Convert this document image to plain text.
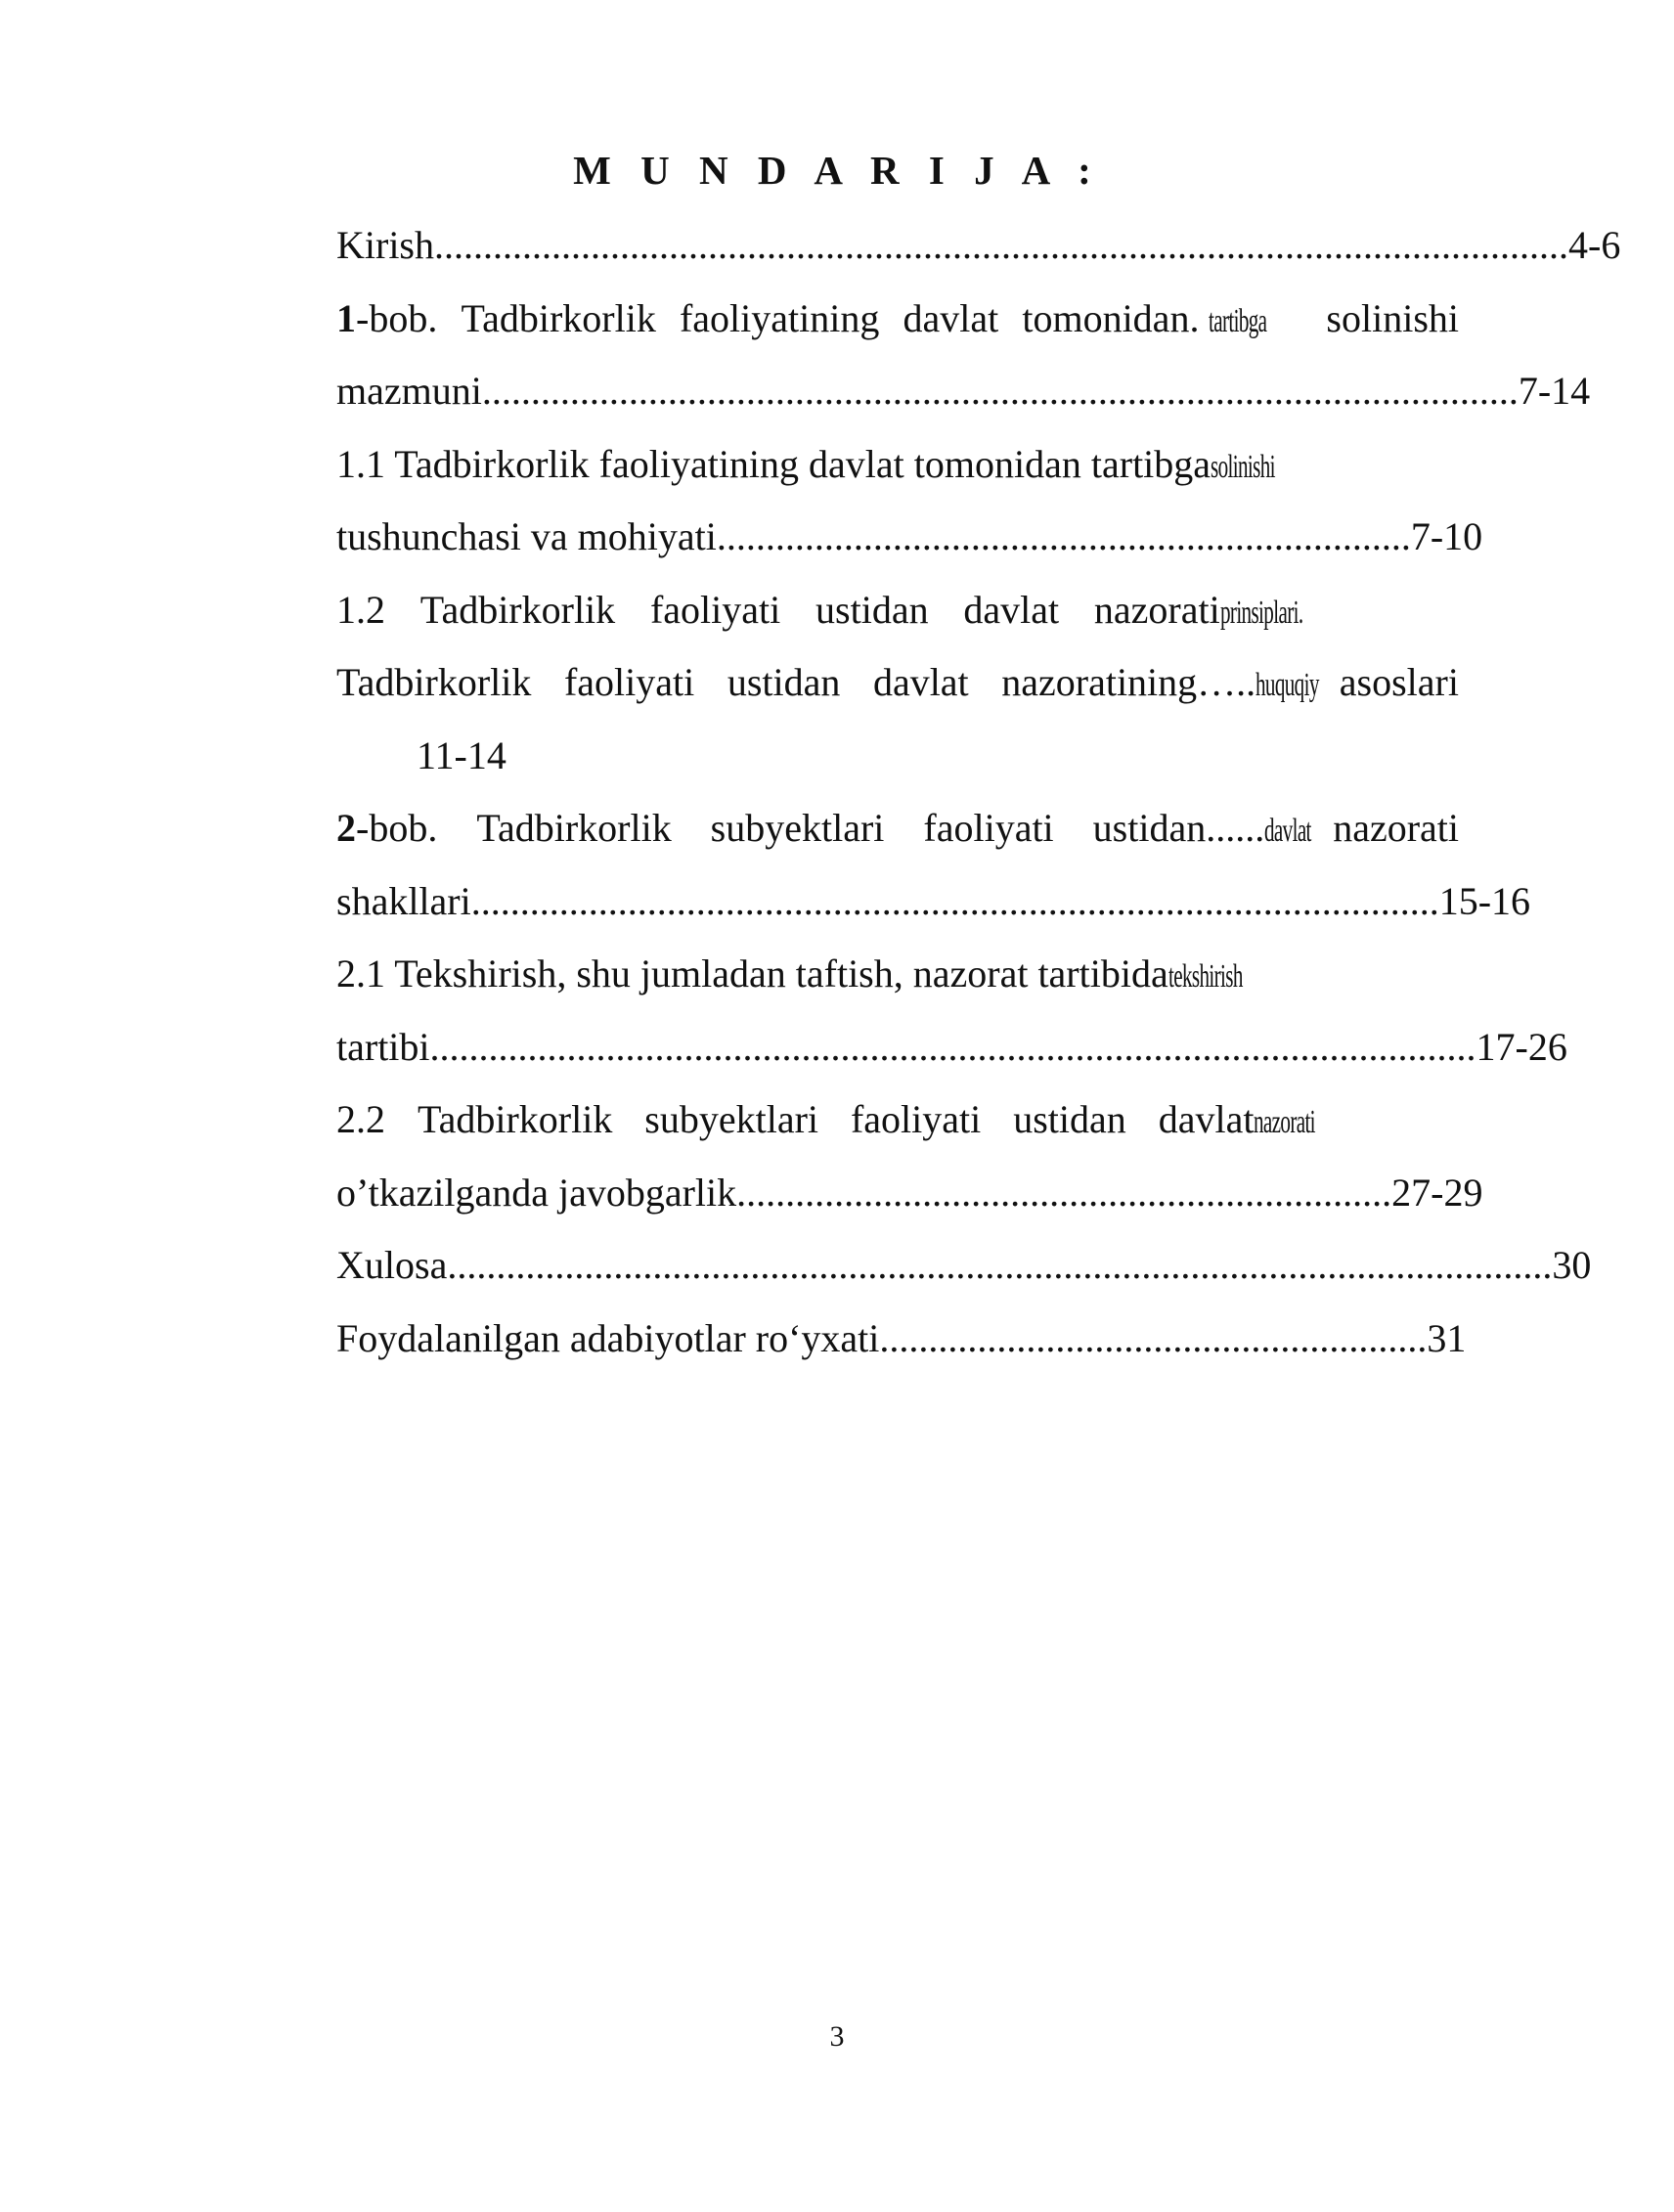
M U N D A R I J A :
Kirish .................................................................................................................... 4-6
1-bob. Tadbirkorlik faoliyatining davlat tomonidan. tartibga	solinishi
mazmuni .......................................................................................................... 7-14
1.1 Tadbirkorlik faoliyatining davlat tomonidan tartibgasolinishi
tushunchasi va mohiyati ....................................................................... 7-10
1.2 Tadbirkorlik faoliyati ustidan davlat nazoratiprinsiplari.
Tadbirkorlik faoliyati ustidan davlat nazoratining…..huquqiy asoslari
11-14
2-bob. Tadbirkorlik subyektlari faoliyati ustidan......davlat nazorati
shakllari ................................................................................................... 15-16
2.1 Tekshirish, shu jumladan taftish, nazorat tartibidatekshirish
tartibi ........................................................................................................... 17-26
2.2 Tadbirkorlik subyektlari faoliyati ustidan davlatnazorati
o’tkazilganda javobgarlik ................................................................... 27-29
Xulosa ................................................................................................................. 30
Foydalanilgan adabiyotlar ro‘yxati ........................................................ 31
3
